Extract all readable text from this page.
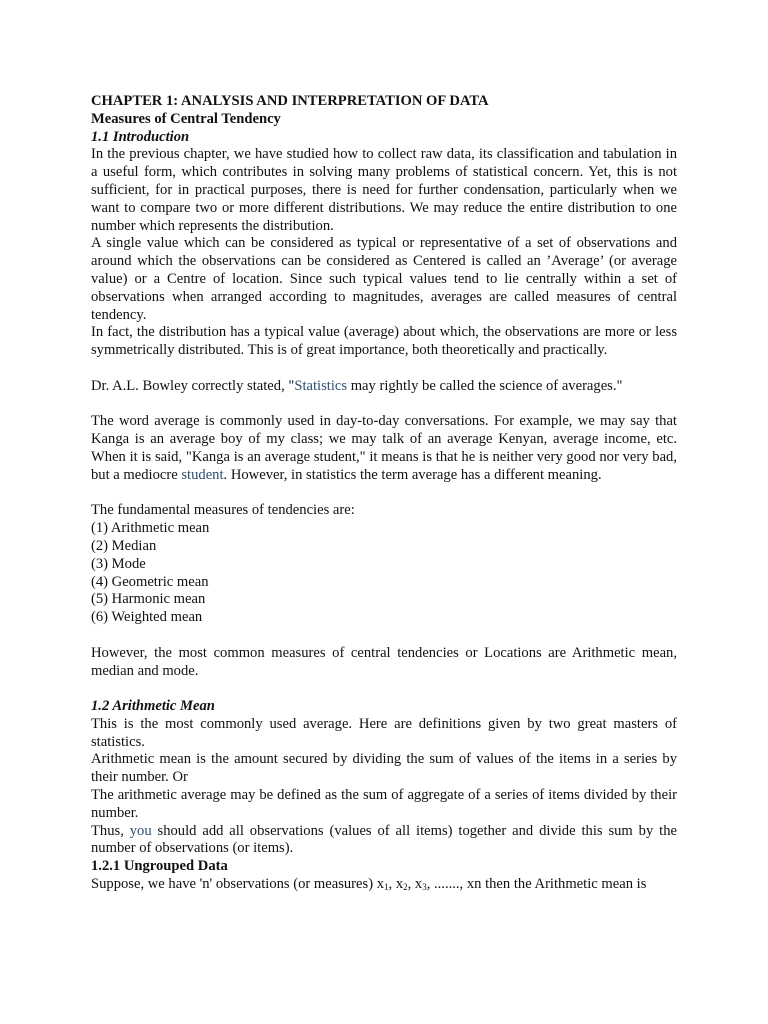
CHAPTER 1: ANALYSIS AND INTERPRETATION OF DATA

Measures of Central Tendency

1.1 Introduction

In the previous chapter, we have studied how to collect raw data, its classification and tabulation in a useful form, which contributes in solving many problems of statistical concern. Yet, this is not sufficient, for in practical purposes, there is need for further condensation, particularly when we want to compare two or more different distributions. We may reduce the entire distribution to one number which represents the distribution.

A single value which can be considered as typical or representative of a set of observations and around which the observations can be considered as Centered is called an ’Average’ (or average value) or a Centre of location. Since such typical values tend to lie centrally within a set of observations when arranged according to magnitudes, averages are called measures of central tendency.

In fact, the distribution has a typical value (average) about which, the observations are more or less symmetrically distributed. This is of great importance, both theoretically and practically.

Dr. A.L. Bowley correctly stated, "Statistics may rightly be called the science of averages."

The word average is commonly used in day-to-day conversations. For example, we may say that Kanga is an average boy of my class; we may talk of an average Kenyan, average income, etc. When it is said, "Kanga is an average student," it means is that he is neither very good nor very bad, but a mediocre student. However, in statistics the term average has a different meaning.

The fundamental measures of tendencies are:

(1) Arithmetic mean

(2) Median

(3) Mode

(4) Geometric mean

(5) Harmonic mean

(6) Weighted mean

However, the most common measures of central tendencies or Locations are Arithmetic mean, median and mode.

1.2 Arithmetic Mean

This is the most commonly used average. Here are definitions given by two great masters of statistics.

Arithmetic mean is the amount secured by dividing the sum of values of the items in a series by their number. Or

The arithmetic average may be defined as the sum of aggregate of a series of items divided by their number.

Thus, you should add all observations (values of all items) together and divide this sum by the number of observations (or items).

1.2.1 Ungrouped Data

Suppose, we have 'n' observations (or measures) $x_1$, $x_2$, $x_3$, ......., xn then the Arithmetic mean is
